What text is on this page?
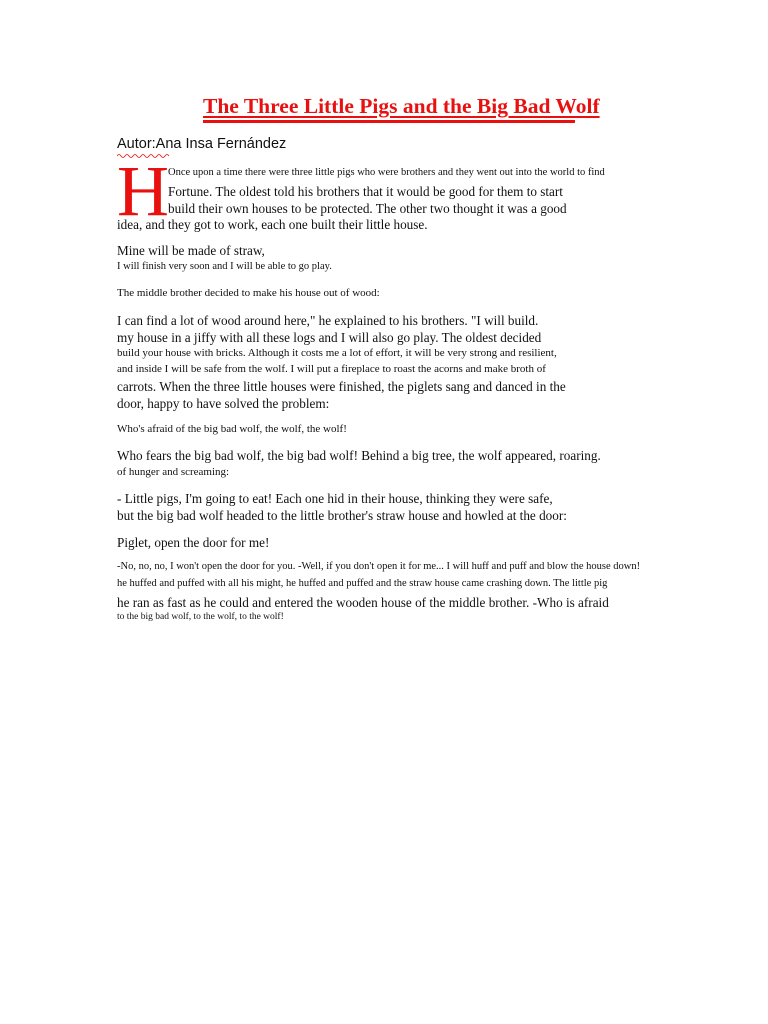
The Three Little Pigs and the Big Bad Wolf
Autor:Ana Insa Fernández
H Once upon a time there were three little pigs who were brothers and they went out into the world to find

Fortune. The oldest told his brothers that it would be good for them to start

build their own houses to be protected. The other two thought it was a good

idea, and they got to work, each one built their little house.

Mine will be made of straw,

I will finish very soon and I will be able to go play.

The middle brother decided to make his house out of wood:

I can find a lot of wood around here," he explained to his brothers. "I will build.

my house in a jiffy with all these logs and I will also go play. The oldest decided

build your house with bricks. Although it costs me a lot of effort, it will be very strong and resilient,

and inside I will be safe from the wolf. I will put a fireplace to roast the acorns and make broth of

carrots. When the three little houses were finished, the piglets sang and danced in the

door, happy to have solved the problem:

Who's afraid of the big bad wolf, the wolf, the wolf!

Who fears the big bad wolf, the big bad wolf! Behind a big tree, the wolf appeared, roaring.

of hunger and screaming:

- Little pigs, I'm going to eat! Each one hid in their house, thinking they were safe,

but the big bad wolf headed to the little brother's straw house and howled at the door:

Piglet, open the door for me!

-No, no, no, I won't open the door for you. -Well, if you don't open it for me... I will huff and puff and blow the house down!

he huffed and puffed with all his might, he huffed and puffed and the straw house came crashing down. The little pig

he ran as fast as he could and entered the wooden house of the middle brother. -Who is afraid

to the big bad wolf, to the wolf, to the wolf!
